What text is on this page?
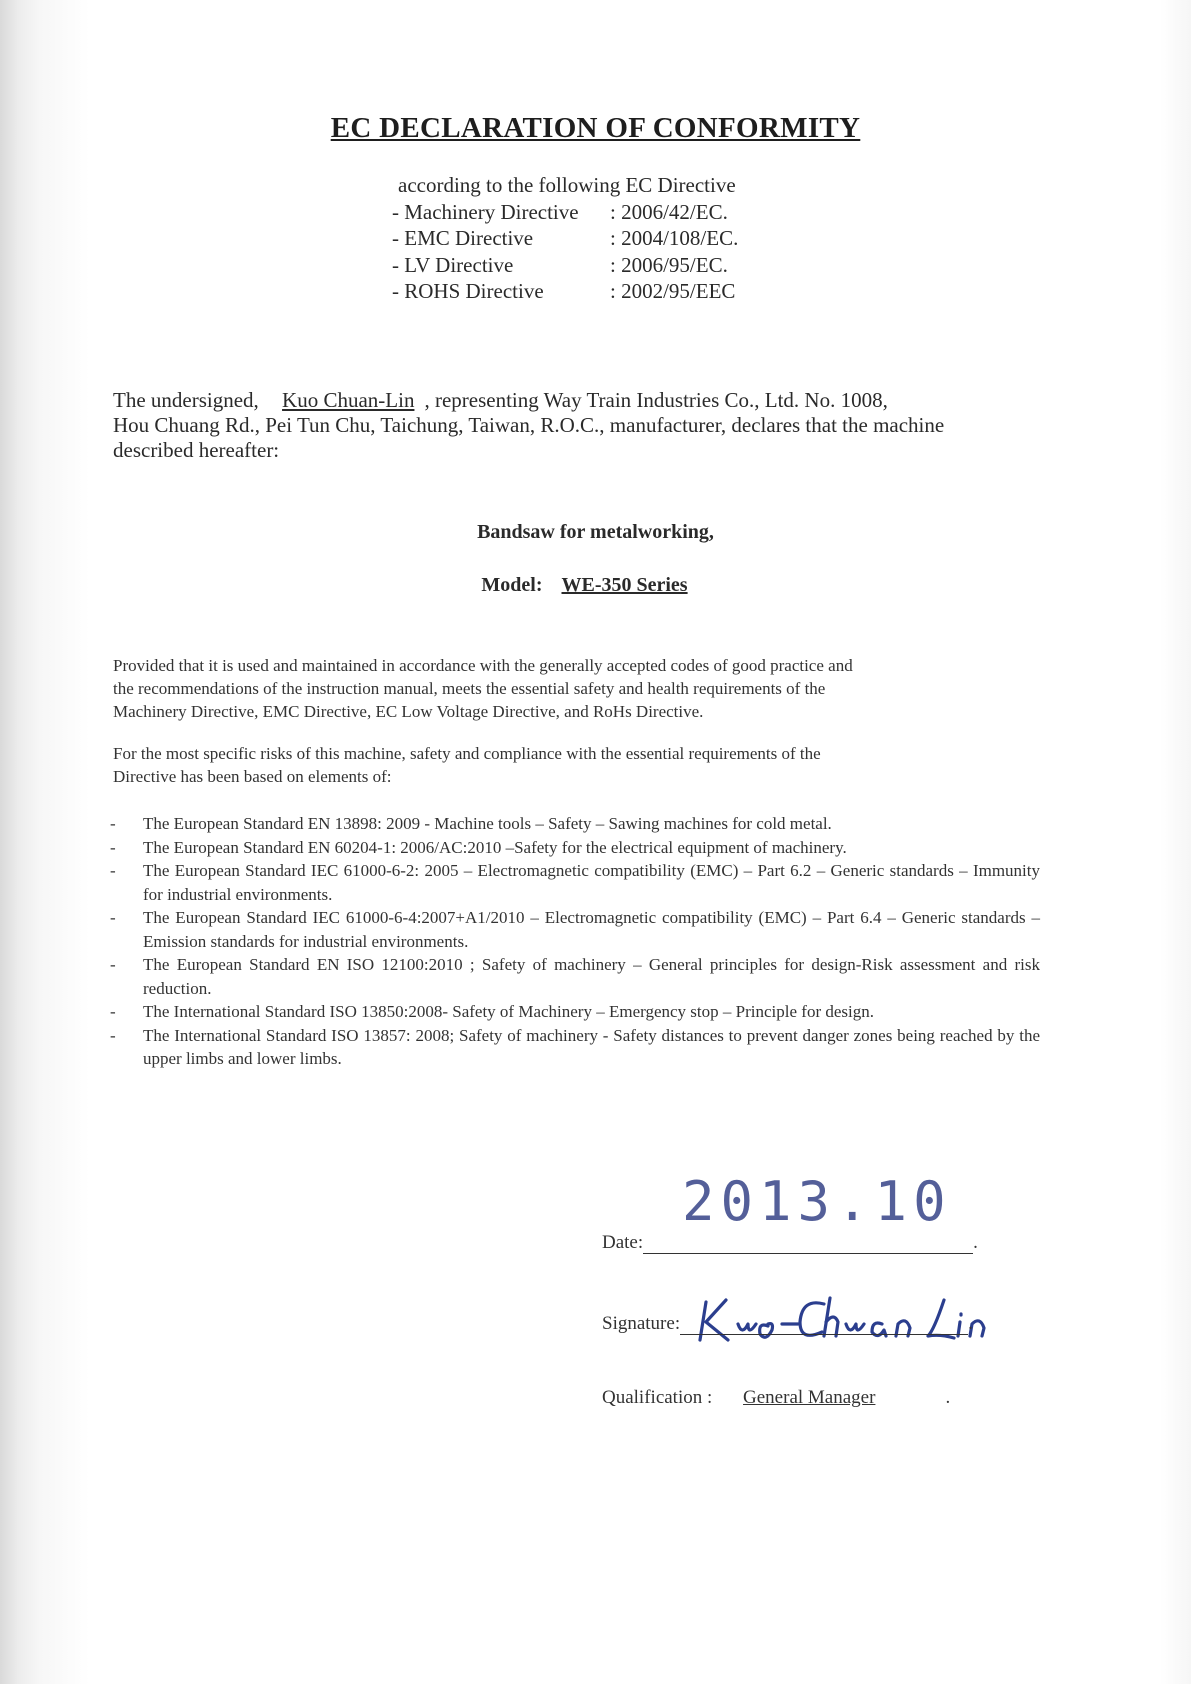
EC DECLARATION OF CONFORMITY
according to the following EC Directive
- Machinery Directive	: 2006/42/EC.
- EMC Directive	: 2004/108/EC.
- LV Directive	: 2006/95/EC.
- ROHS Directive	: 2002/95/EEC
The undersigned, Kuo Chuan-Lin , representing Way Train Industries Co., Ltd. No. 1008,
Hou Chuang Rd., Pei Tun Chu, Taichung, Taiwan, R.O.C., manufacturer, declares that the machine
described hereafter:
Bandsaw for metalworking,
Model: WE-350 Series
Provided that it is used and maintained in accordance with the generally accepted codes of good practice and
the recommendations of the instruction manual, meets the essential safety and health requirements of the
Machinery Directive, EMC Directive, EC Low Voltage Directive, and RoHs Directive.
For the most specific risks of this machine, safety and compliance with the essential requirements of the
Directive has been based on elements of:
-	The European Standard EN 13898: 2009 - Machine tools – Safety – Sawing machines for cold metal.
-	The European Standard EN 60204-1: 2006/AC:2010 –Safety for the electrical equipment of machinery.
-	The European Standard IEC 61000-6-2: 2005 – Electromagnetic compatibility (EMC) – Part 6.2 – Generic standards – Immunity for industrial environments.
-	The European Standard IEC 61000-6-4:2007+A1/2010 – Electromagnetic compatibility (EMC) – Part 6.4 – Generic standards – Emission standards for industrial environments.
-	The European Standard EN ISO 12100:2010 ; Safety of machinery – General principles for design-Risk assessment and risk reduction.
-	The International Standard ISO 13850:2008- Safety of Machinery – Emergency stop – Principle for design.
-	The International Standard ISO 13857: 2008; Safety of machinery - Safety distances to prevent danger zones being reached by the upper limbs and lower limbs.
2013.10
Date:	.
Signature:	.
Qualification : General Manager	.
